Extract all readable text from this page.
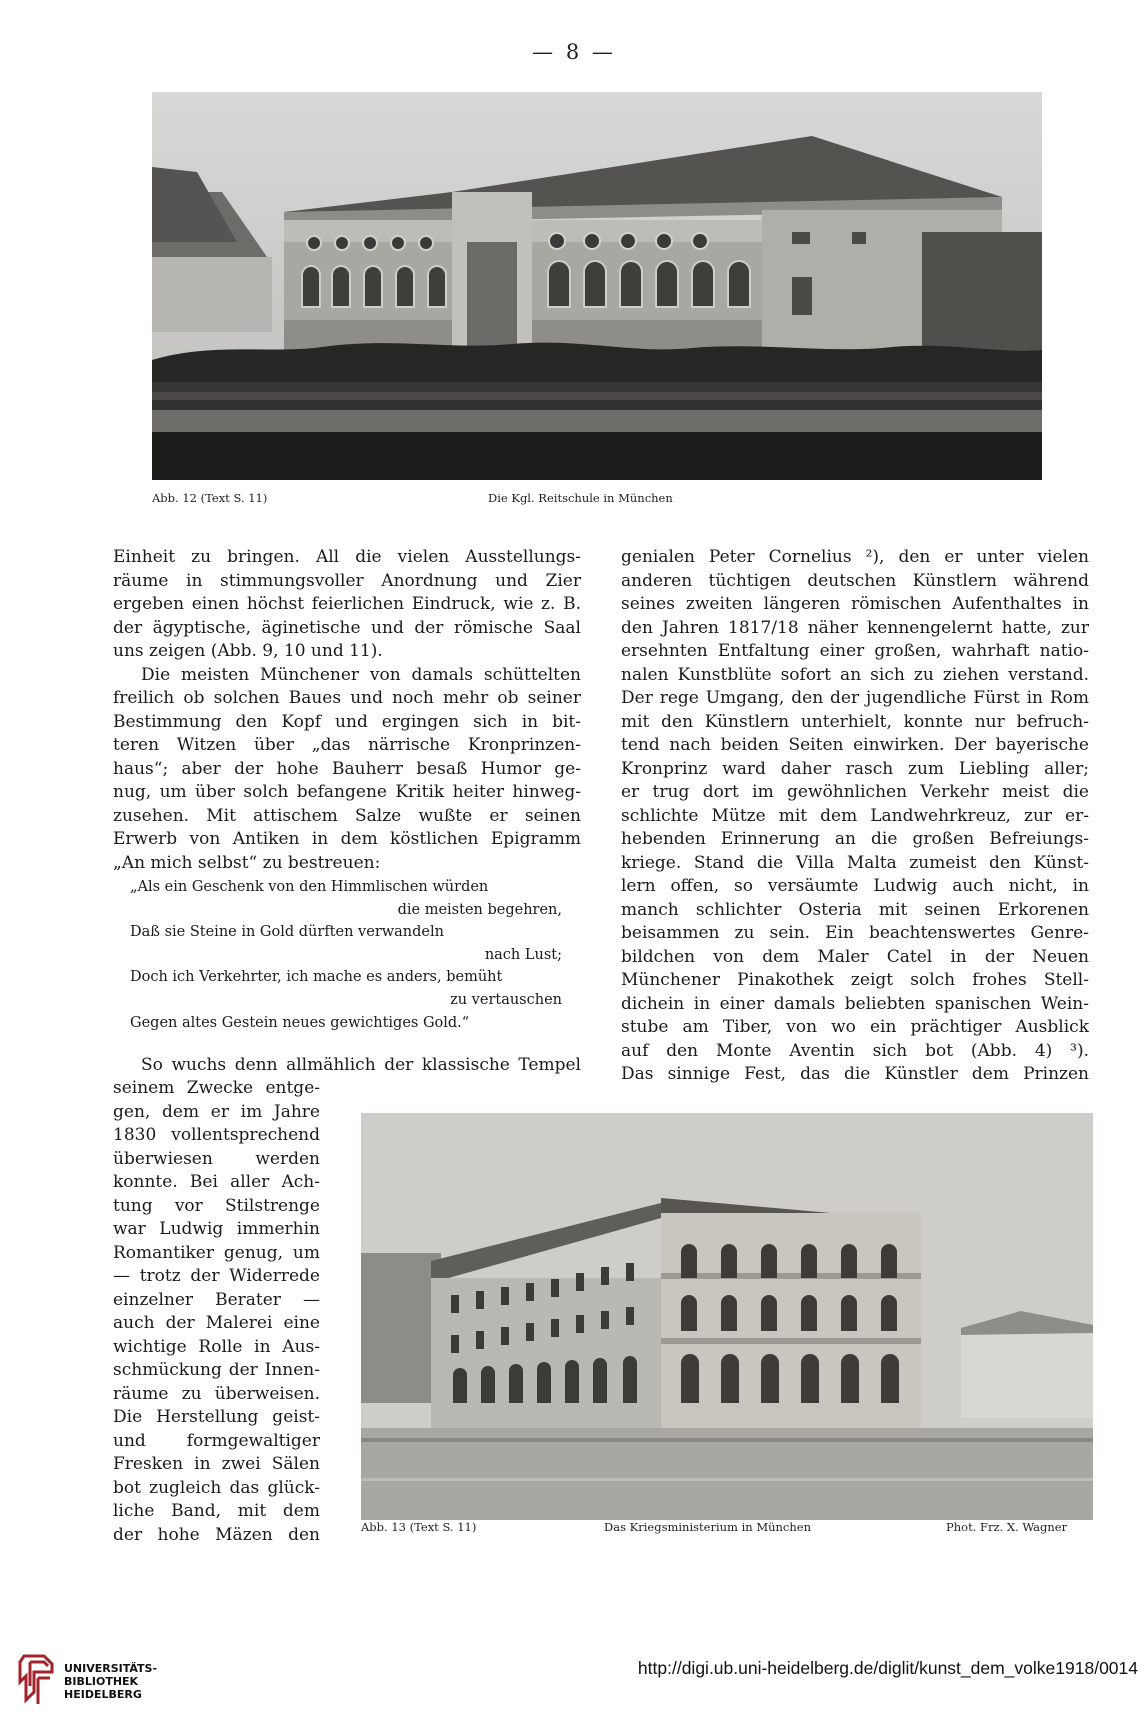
— 8 —
Abb. 12 (Text S. 11)	Die Kgl. Reitschule in München
Einheit zu bringen. All die vielen Ausstellungs-
räume in stimmungsvoller Anordnung und Zier
ergeben einen höchst feierlichen Eindruck, wie z. B.
der ägyptische, äginetische und der römische Saal
uns zeigen (Abb. 9, 10 und 11).
Die meisten Münchener von damals schüttelten
freilich ob solchen Baues und noch mehr ob seiner
Bestimmung den Kopf und ergingen sich in bit-
teren Witzen über „das närrische Kronprinzen-
haus“; aber der hohe Bauherr besaß Humor ge-
nug, um über solch befangene Kritik heiter hinweg-
zusehen. Mit attischem Salze wußte er seinen
Erwerb von Antiken in dem köstlichen Epigramm
„An mich selbst“ zu bestreuen:
„Als ein Geschenk von den Himmlischen würden
die meisten begehren,
Daß sie Steine in Gold dürften verwandeln
nach Lust;
Doch ich Verkehrter, ich mache es anders, bemüht
zu vertauschen
Gegen altes Gestein neues gewichtiges Gold.“
So wuchs denn allmählich der klassische Tempel
seinem Zwecke entge-
gen, dem er im Jahre
1830 vollentsprechend
überwiesen werden
konnte. Bei aller Ach-
tung vor Stilstrenge
war Ludwig immerhin
Romantiker genug, um
— trotz der Widerrede
einzelner Berater —
auch der Malerei eine
wichtige Rolle in Aus-
schmückung der Innen-
räume zu überweisen.
Die Herstellung geist-
und formgewaltiger
Fresken in zwei Sälen
bot zugleich das glück-
liche Band, mit dem
der hohe Mäzen den
genialen Peter Cornelius ²), den er unter vielen
anderen tüchtigen deutschen Künstlern während
seines zweiten längeren römischen Aufenthaltes in
den Jahren 1817/18 näher kennengelernt hatte, zur
ersehnten Entfaltung einer großen, wahrhaft natio-
nalen Kunstblüte sofort an sich zu ziehen verstand.
Der rege Umgang, den der jugendliche Fürst in Rom
mit den Künstlern unterhielt, konnte nur befruch-
tend nach beiden Seiten einwirken. Der bayerische
Kronprinz ward daher rasch zum Liebling aller;
er trug dort im gewöhnlichen Verkehr meist die
schlichte Mütze mit dem Landwehrkreuz, zur er-
hebenden Erinnerung an die großen Befreiungs-
kriege. Stand die Villa Malta zumeist den Künst-
lern offen, so versäumte Ludwig auch nicht, in
manch schlichter Osteria mit seinen Erkorenen
beisammen zu sein. Ein beachtenswertes Genre-
bildchen von dem Maler Catel in der Neuen
Münchener Pinakothek zeigt solch frohes Stell-
dichein in einer damals beliebten spanischen Wein-
stube am Tiber, von wo ein prächtiger Ausblick
auf den Monte Aventin sich bot (Abb. 4) ³).
Das sinnige Fest, das die Künstler dem Prinzen
Abb. 13 (Text S. 11)	Das Kriegsministerium in München	Phot. Frz. X. Wagner
UNIVERSITÄTS-
BIBLIOTHEK
HEIDELBERG
http://digi.ub.uni-heidelberg.de/diglit/kunst_dem_volke1918/0014
